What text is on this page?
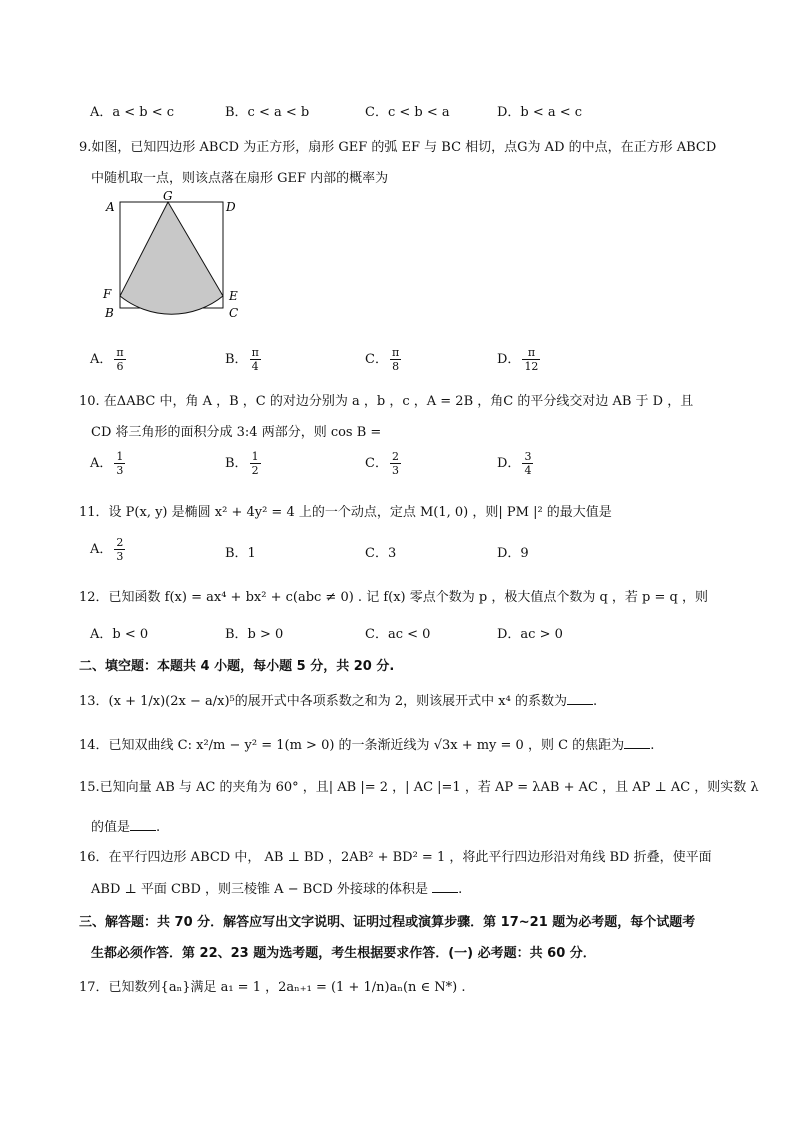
A．a < b < c	B．c < a < b	C．c < b < a	D．b < a < c
9.如图，已知四边形 ABCD 为正方形，扇形 GEF 的弧 EF 与 BC 相切，点G为 AD 的中点，在正方形 ABCD
中随机取一点，则该点落在扇形 GEF 内部的概率为
A
G
D
F	E
B	C
A． $\frac{\pi}{6}$	B． $\frac{\pi}{4}$	C． $\frac{\pi}{8}$	D． $\frac{\pi}{12}$
10. 在ΔABC 中，角 A ，B ，C 的对边分别为 a ，b ，c ，A = 2B ，角C 的平分线交对边 AB 于 D ，且
CD 将三角形的面积分成 3:4 两部分，则 cos B =
A． $\frac{1}{3}$	B． $\frac{1}{2}$	C． $\frac{2}{3}$	D． $\frac{3}{4}$
11．设 P(x, y) 是椭圆 x² + 4y² = 4 上的一个动点，定点 M(1, 0) ，则| PM |² 的最大值是
A． $\frac{2}{3}$	B．1	C．3	D．9
12．已知函数 f(x) = ax⁴ + bx² + c(abc ≠ 0) . 记 f(x) 零点个数为 p ，极大值点个数为 q ，若 p = q ，则
A．b < 0	B．b > 0	C．ac < 0	D．ac > 0
二、填空题：本题共 4 小题，每小题 5 分，共 20 分.
13．(x + 1/x)(2x − a/x)⁵的展开式中各项系数之和为 2，则该展开式中 x⁴ 的系数为 .
14．已知双曲线 C: x²/m − y² = 1(m > 0) 的一条渐近线为 √3x + my = 0 ，则 C 的焦距为 .
15.已知向量 AB 与 AC 的夹角为 60° ，且| AB |= 2 ，| AC |=1 ，若 AP = λAB + AC ，且 AP ⊥ AC ，则实数 λ
的值是 .
16．在平行四边形 ABCD 中， AB ⊥ BD ，2AB² + BD² = 1 ，将此平行四边形沿对角线 BD 折叠，使平面
ABD ⊥ 平面 CBD ，则三棱锥 A − BCD 外接球的体积是 .
三、解答题：共 70 分．解答应写出文字说明、证明过程或演算步骤．第 17~21 题为必考题，每个试题考
生都必须作答．第 22、23 题为选考题，考生根据要求作答．(一) 必考题：共 60 分．
17．已知数列{aₙ}满足 a₁ = 1 ，2aₙ₊₁ = (1 + 1/n)aₙ(n ∈ N*) .
